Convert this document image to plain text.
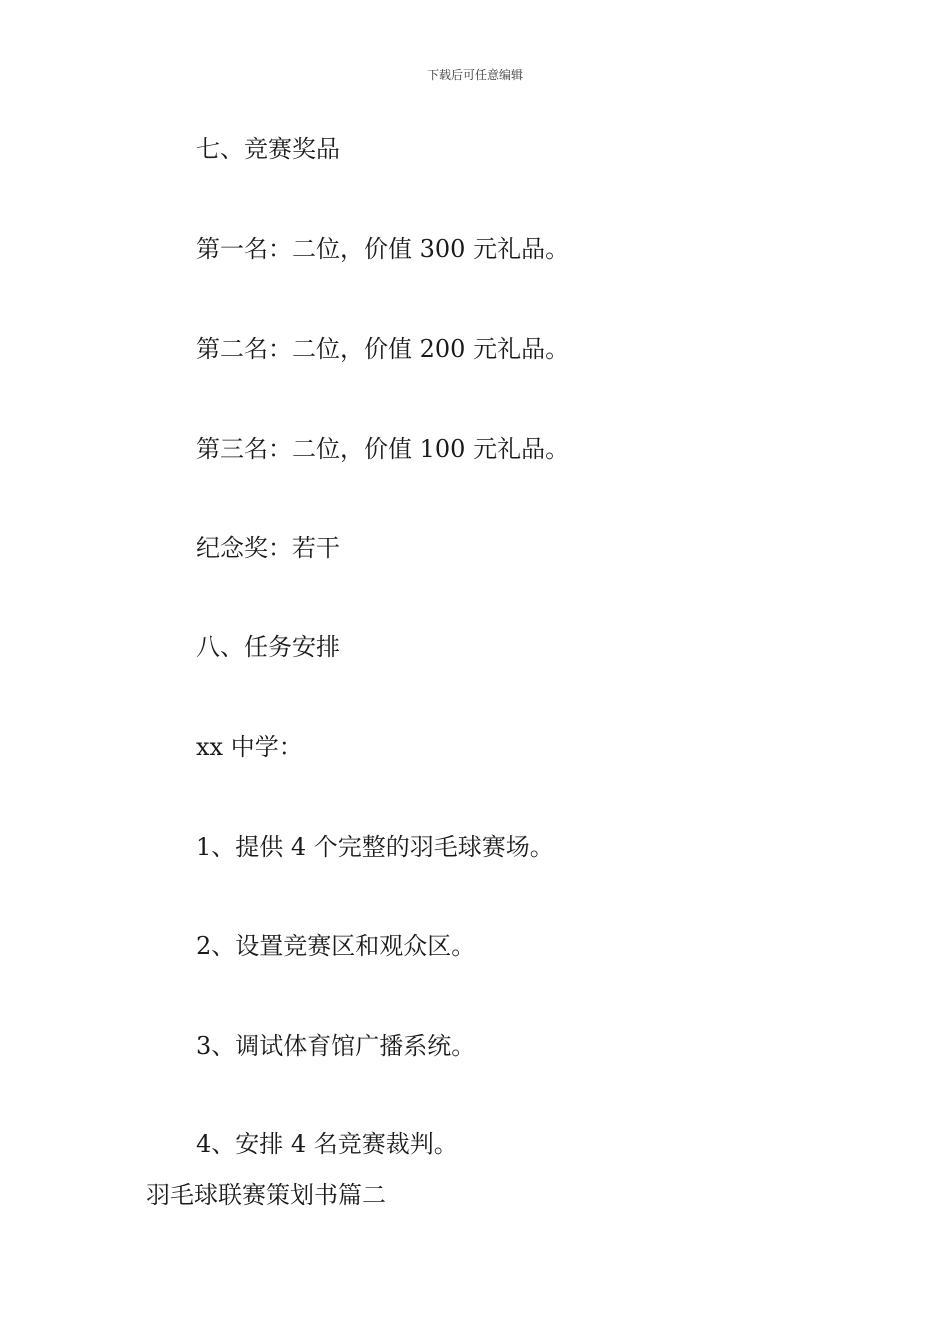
下载后可任意编辑
七、竞赛奖品
第一名：二位，价值 300 元礼品。
第二名：二位，价值 200 元礼品。
第三名：二位，价值 100 元礼品。
纪念奖：若干
八、任务安排
xx 中学：
1、提供 4 个完整的羽毛球赛场。
2、设置竞赛区和观众区。
3、调试体育馆广播系统。
4、安排 4 名竞赛裁判。
羽毛球联赛策划书篇二
